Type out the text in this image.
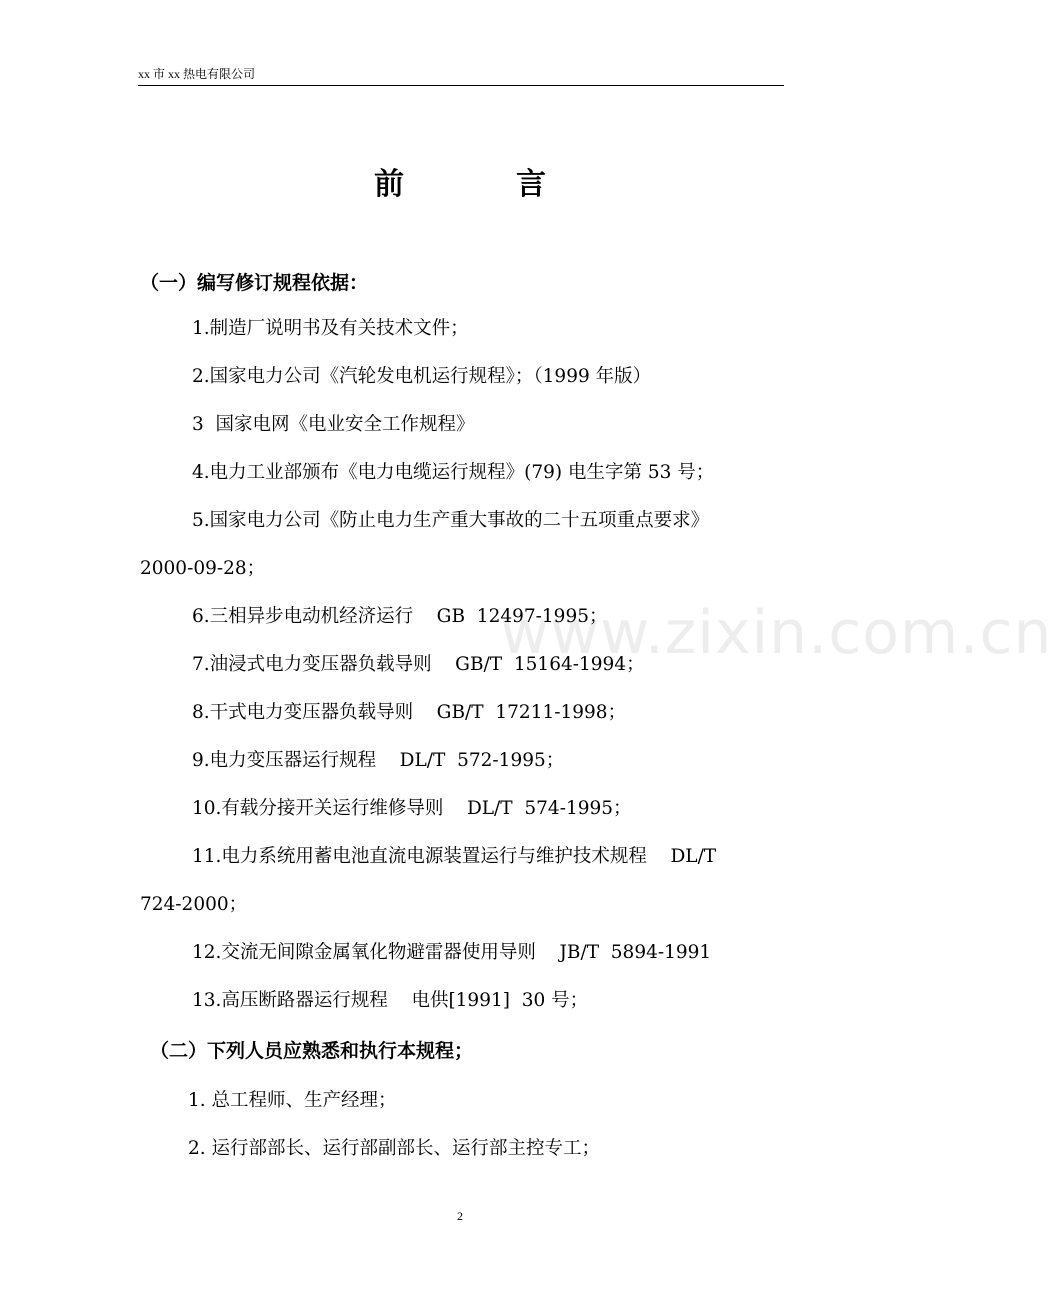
xx 市 xx 热电有限公司
前	言
www.zixin.com.cn
（一）编写修订规程依据：
1.制造厂说明书及有关技术文件；
2.国家电力公司《汽轮发电机运行规程》；（1999 年版）
3  国家电网《电业安全工作规程》
4.电力工业部颁布《电力电缆运行规程》(79) 电生字第 53 号；
5.国家电力公司《防止电力生产重大事故的二十五项重点要求》
2000-09-28；
6.三相异步电动机经济运行    GB  12497-1995；
7.油浸式电力变压器负载导则    GB/T  15164-1994；
8.干式电力变压器负载导则    GB/T  17211-1998；
9.电力变压器运行规程    DL/T  572-1995；
10.有载分接开关运行维修导则    DL/T  574-1995；
11.电力系统用蓄电池直流电源装置运行与维护技术规程    DL/T
724-2000；
12.交流无间隙金属氧化物避雷器使用导则    JB/T  5894-1991
13.高压断路器运行规程    电供[1991]  30 号；
（二）下列人员应熟悉和执行本规程；
1. 总工程师、生产经理；
2. 运行部部长、运行部副部长、运行部主控专工；
2
